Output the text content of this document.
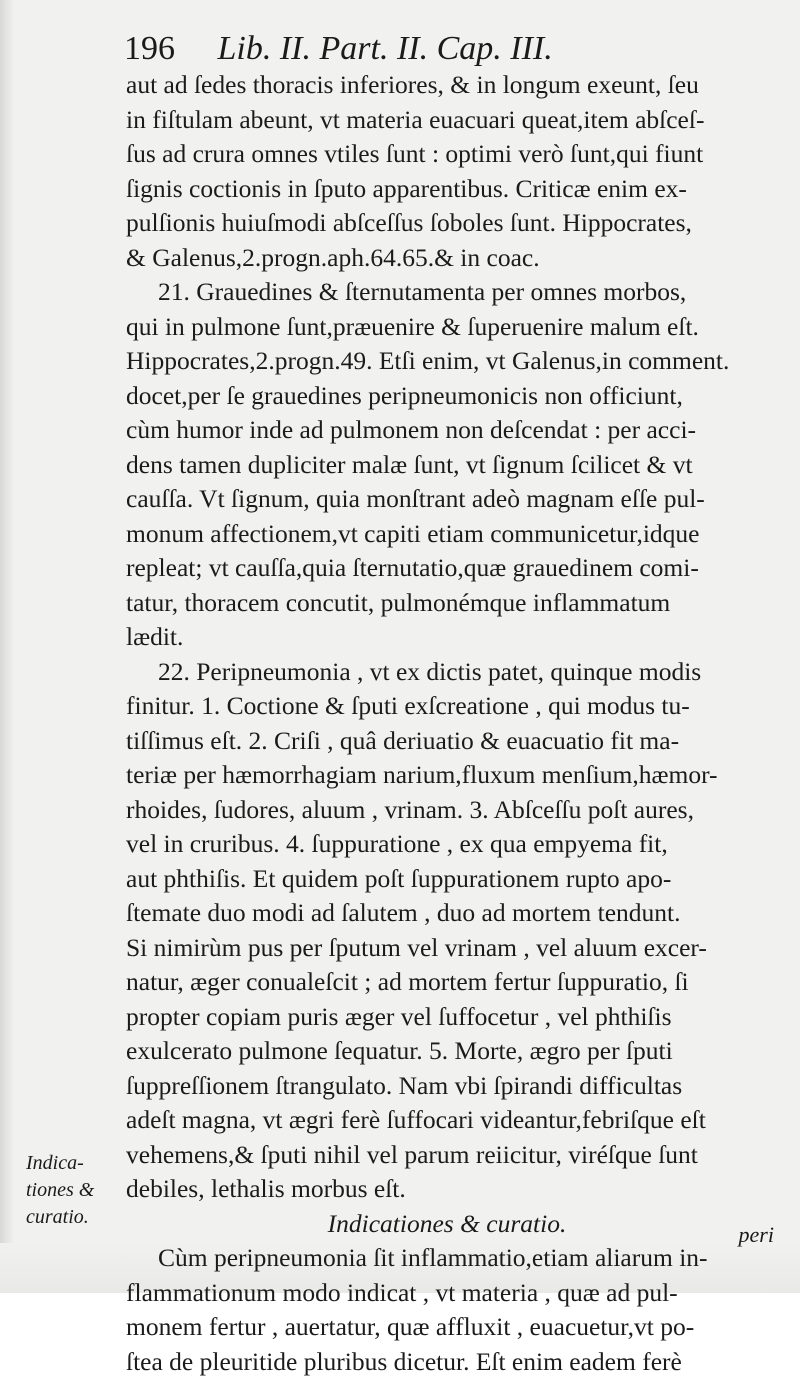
196 Lib. II. Part. II. Cap. III.
aut ad ſedes thoracis inferiores, & in longum exeunt, ſeu
in fiſtulam abeunt, vt materia euacuari queat,item abſceſ-
ſus ad crura omnes vtiles ſunt : optimi verò ſunt,qui fiunt
ſignis coctionis in ſputo apparentibus. Criticæ enim ex-
pulſionis huiuſmodi abſceſſus ſoboles ſunt. Hippocrates,
& Galenus,2.progn.aph.64.65.& in coac.
21. Grauedines & ſternutamenta per omnes morbos,
qui in pulmone ſunt,præuenire & ſuperuenire malum eſt.
Hippocrates,2.progn.49. Etſi enim, vt Galenus,in comment.
docet,per ſe grauedines peripneumonicis non officiunt,
cùm humor inde ad pulmonem non deſcendat : per acci-
dens tamen dupliciter malæ ſunt, vt ſignum ſcilicet & vt
cauſſa. Vt ſignum, quia monſtrant adeò magnam eſſe pul-
monum affectionem,vt capiti etiam communicetur,idque
repleat; vt cauſſa,quia ſternutatio,quæ grauedinem comi-
tatur, thoracem concutit, pulmonémque inflammatum
lædit.
22. Peripneumonia , vt ex dictis patet, quinque modis
finitur. 1. Coctione & ſputi exſcreatione , qui modus tu-
tiſſimus eſt. 2. Criſi , quâ deriuatio & euacuatio fit ma-
teriæ per hæmorrhagiam narium,fluxum menſium,hæmor-
rhoides, ſudores, aluum , vrinam. 3. Abſceſſu poſt aures,
vel in cruribus. 4. ſuppuratione , ex qua empyema fit,
aut phthiſis. Et quidem poſt ſuppurationem rupto apo-
ſtemate duo modi ad ſalutem , duo ad mortem tendunt.
Si nimirùm pus per ſputum vel vrinam , vel aluum excer-
natur, æger conualeſcit ; ad mortem fertur ſuppuratio, ſi
propter copiam puris æger vel ſuffocetur , vel phthiſis
exulcerato pulmone ſequatur. 5. Morte, ægro per ſputi
ſuppreſſionem ſtrangulato. Nam vbi ſpirandi difficultas
adeſt magna, vt ægri ferè ſuffocari videantur,febriſque eſt
vehemens,& ſputi nihil vel parum reiicitur, viréſque ſunt
debiles, lethalis morbus eſt.
Indicationes & curatio.
Cùm peripneumonia ſit inflammatio,etiam aliarum in-
flammationum modo indicat , vt materia , quæ ad pul-
monem fertur , auertatur, quæ affluxit , euacuetur,vt po-
ſtea de pleuritide pluribus dicetur. Eſt enim eadem ferè
Indica-
tiones &
curatio.
peri
